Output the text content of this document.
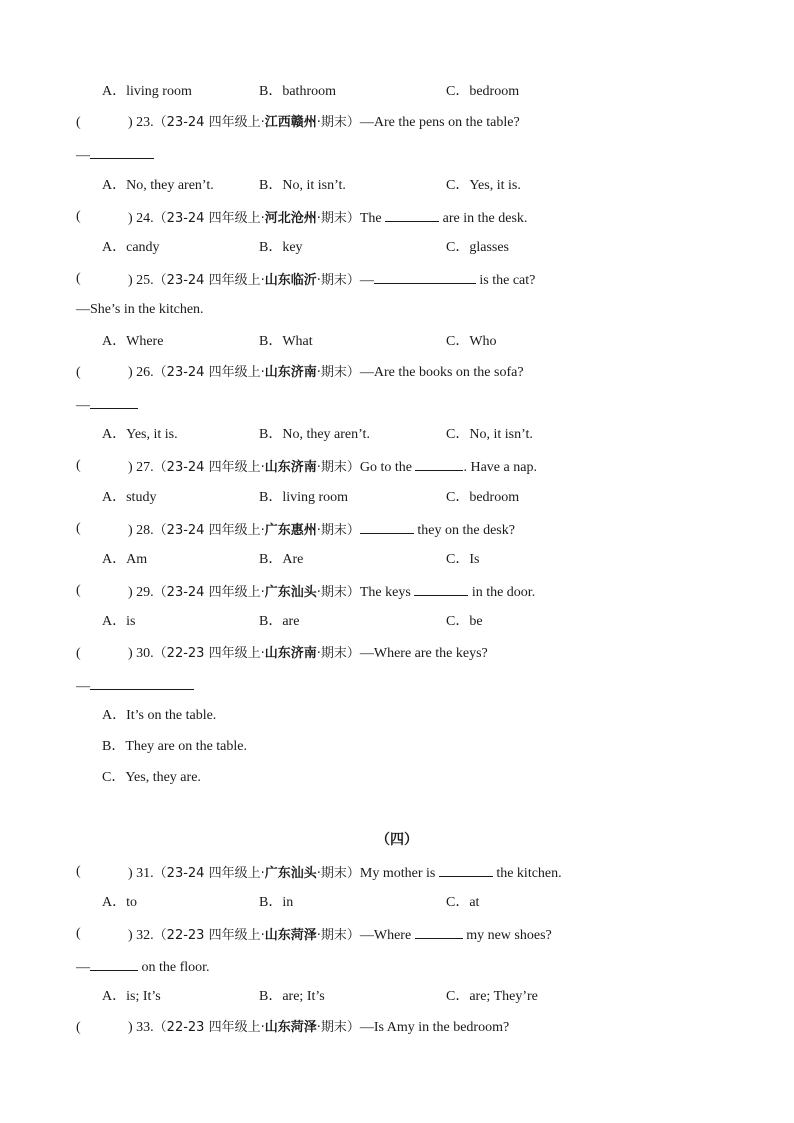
A．living room	B．bathroom	C．bedroom
(	) 23.（23-24 四年级上·江西赣州·期末）—Are the pens on the table?
—
A．No, they aren’t.	B．No, it isn’t.	C．Yes, it is.
(	) 24.（23-24 四年级上·河北沧州·期末）The	are in the desk.
A．candy	B．key	C．glasses
(	) 25.（23-24 四年级上·山东临沂·期末）—	is the cat?
—She’s in the kitchen.
A．Where	B．What	C．Who
(	) 26.（23-24 四年级上·山东济南·期末）—Are the books on the sofa?
—
A．Yes, it is.	B．No, they aren’t.	C．No, it isn’t.
(	) 27.（23-24 四年级上·山东济南·期末）Go to the	. Have a nap.
A．study	B．living room	C．bedroom
(	) 28.（23-24 四年级上·广东惠州·期末）	they on the desk?
A．Am	B．Are	C．Is
(	) 29.（23-24 四年级上·广东汕头·期末）The keys	in the door.
A．is	B．are	C．be
(	) 30.（22-23 四年级上·山东济南·期末）—Where are the keys?
—
A．It’s on the table.
B．They are on the table.
C．Yes, they are.
（四）
(	) 31.（23-24 四年级上·广东汕头·期末）My mother is	the kitchen.
A．to	B．in	C．at
(	) 32.（22-23 四年级上·山东菏泽·期末）—Where	my new shoes?
—	on the floor.
A．is; It’s	B．are; It’s	C．are; They’re
(	) 33.（22-23 四年级上·山东菏泽·期末）—Is Amy in the bedroom?
